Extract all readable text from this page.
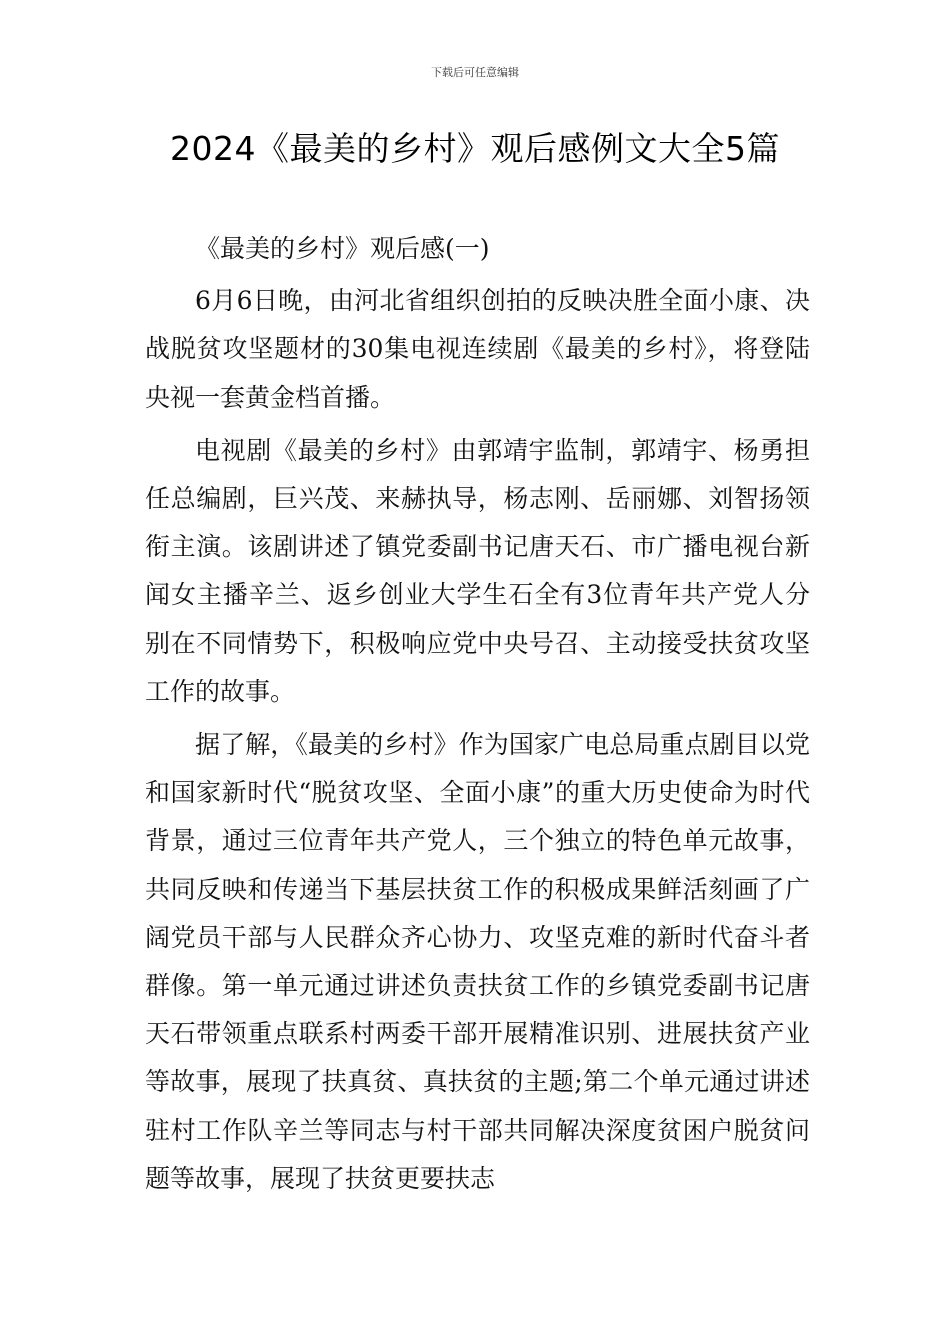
下载后可任意编辑
2024《最美的乡村》观后感例文大全5篇

《最美的乡村》观后感(一)

6月6日晚，由河北省组织创拍的反映决胜全面小康、决战脱贫攻坚题材的30集电视连续剧《最美的乡村》，将登陆央视一套黄金档首播。

电视剧《最美的乡村》由郭靖宇监制，郭靖宇、杨勇担任总编剧，巨兴茂、来赫执导，杨志刚、岳丽娜、刘智扬领衔主演。该剧讲述了镇党委副书记唐天石、市广播电视台新闻女主播辛兰、返乡创业大学生石全有3位青年共产党人分别在不同情势下，积极响应党中央号召、主动接受扶贫攻坚工作的故事。

据了解，《最美的乡村》作为国家广电总局重点剧目以党和国家新时代“脱贫攻坚、全面小康”的重大历史使命为时代背景，通过三位青年共产党人，三个独立的特色单元故事，共同反映和传递当下基层扶贫工作的积极成果鲜活刻画了广阔党员干部与人民群众齐心协力、攻坚克难的新时代奋斗者群像。第一单元通过讲述负责扶贫工作的乡镇党委副书记唐天石带领重点联系村两委干部开展精准识别、进展扶贫产业等故事，展现了扶真贫、真扶贫的主题;第二个单元通过讲述驻村工作队辛兰等同志与村干部共同解决深度贫困户脱贫问题等故事，展现了扶贫更要扶志
